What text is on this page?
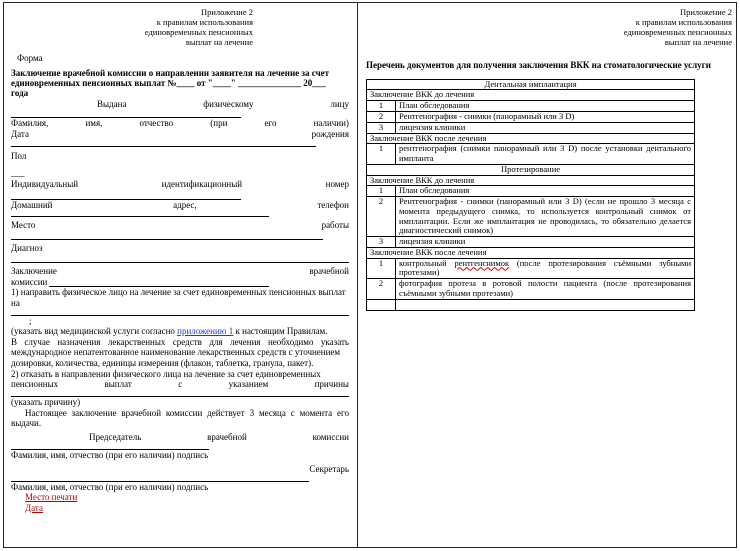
Приложение 2
к правилам использования
единовременных пенсионных
выплат на лечение
Форма
Заключение врачебной комиссии о направлении заявителя на лечение за счет
единовременных пенсионных выплат №____ от "____" ______________ 20___
года
Выдана	физическому	лицу
Фамилия,	имя,	отчество	(при	его	наличии)
Дата	рождения
Пол
___
Индивидуальный	идентификационный	номер
Домашний	адрес,	телефон
Место	работы
Диагноз
Заключение	врачебной
комиссии
1) направить физическое лицо на лечение за счет единовременных пенсионных выплат
на
;
(указать вид медицинской услуги согласно приложению 1 к настоящим Правилам.
В случае назначения лекарственных средств для лечения необходимо указать международное непатентованное наименование лекарственных средств с уточнением
дозировки, количества, единицы измерения (флакон, таблетка, гранула, пакет).
2) отказать в направлении физического лица на лечение за счет единовременных
пенсионных	выплат	с	указанием	причины
(указать причину)
Настоящее заключение врачебной комиссии действует 3 месяца с момента его выдачи.
Председатель	врачебной	комиссии
Фамилия, имя, отчество (при его наличии) подпись
Секретарь
Фамилия, имя, отчество (при его наличии) подпись
Место печати
Дата
Приложение 2
к правилам использования
единовременных пенсионных
выплат на лечение
Перечень документов для получения заключения ВКК на стоматологические услуги
Дентальная имплантация	
Заключение ВКК до лечения	
1	План обследования
2	Рентгенография - снимки (панорамный или 3 D)
3	лицензия клиники
Заключение ВКК после лечения	
1	рентгенография (снимки панорамный или 3 D) после установки дентального импланта
Протезирование	
Заключение ВКК до лечения	
1	План обследования
2	Рентгенография - снимки (панорамный или 3 D) (если не прошло 3 месяца с момента предыдущего снимка, то используется контрольный снимок от имплантации. Если же имплантация не проводилась, то обязательно делается диагностический снимок)
3	лицензия клиники
Заключение ВКК после лечения	
1	контрольный рентгенснимок (после протезирования съёмными зубными протезами)
2	фотография протеза в ротовой полости пациента (после протезирования съёмными зубными протезами)
